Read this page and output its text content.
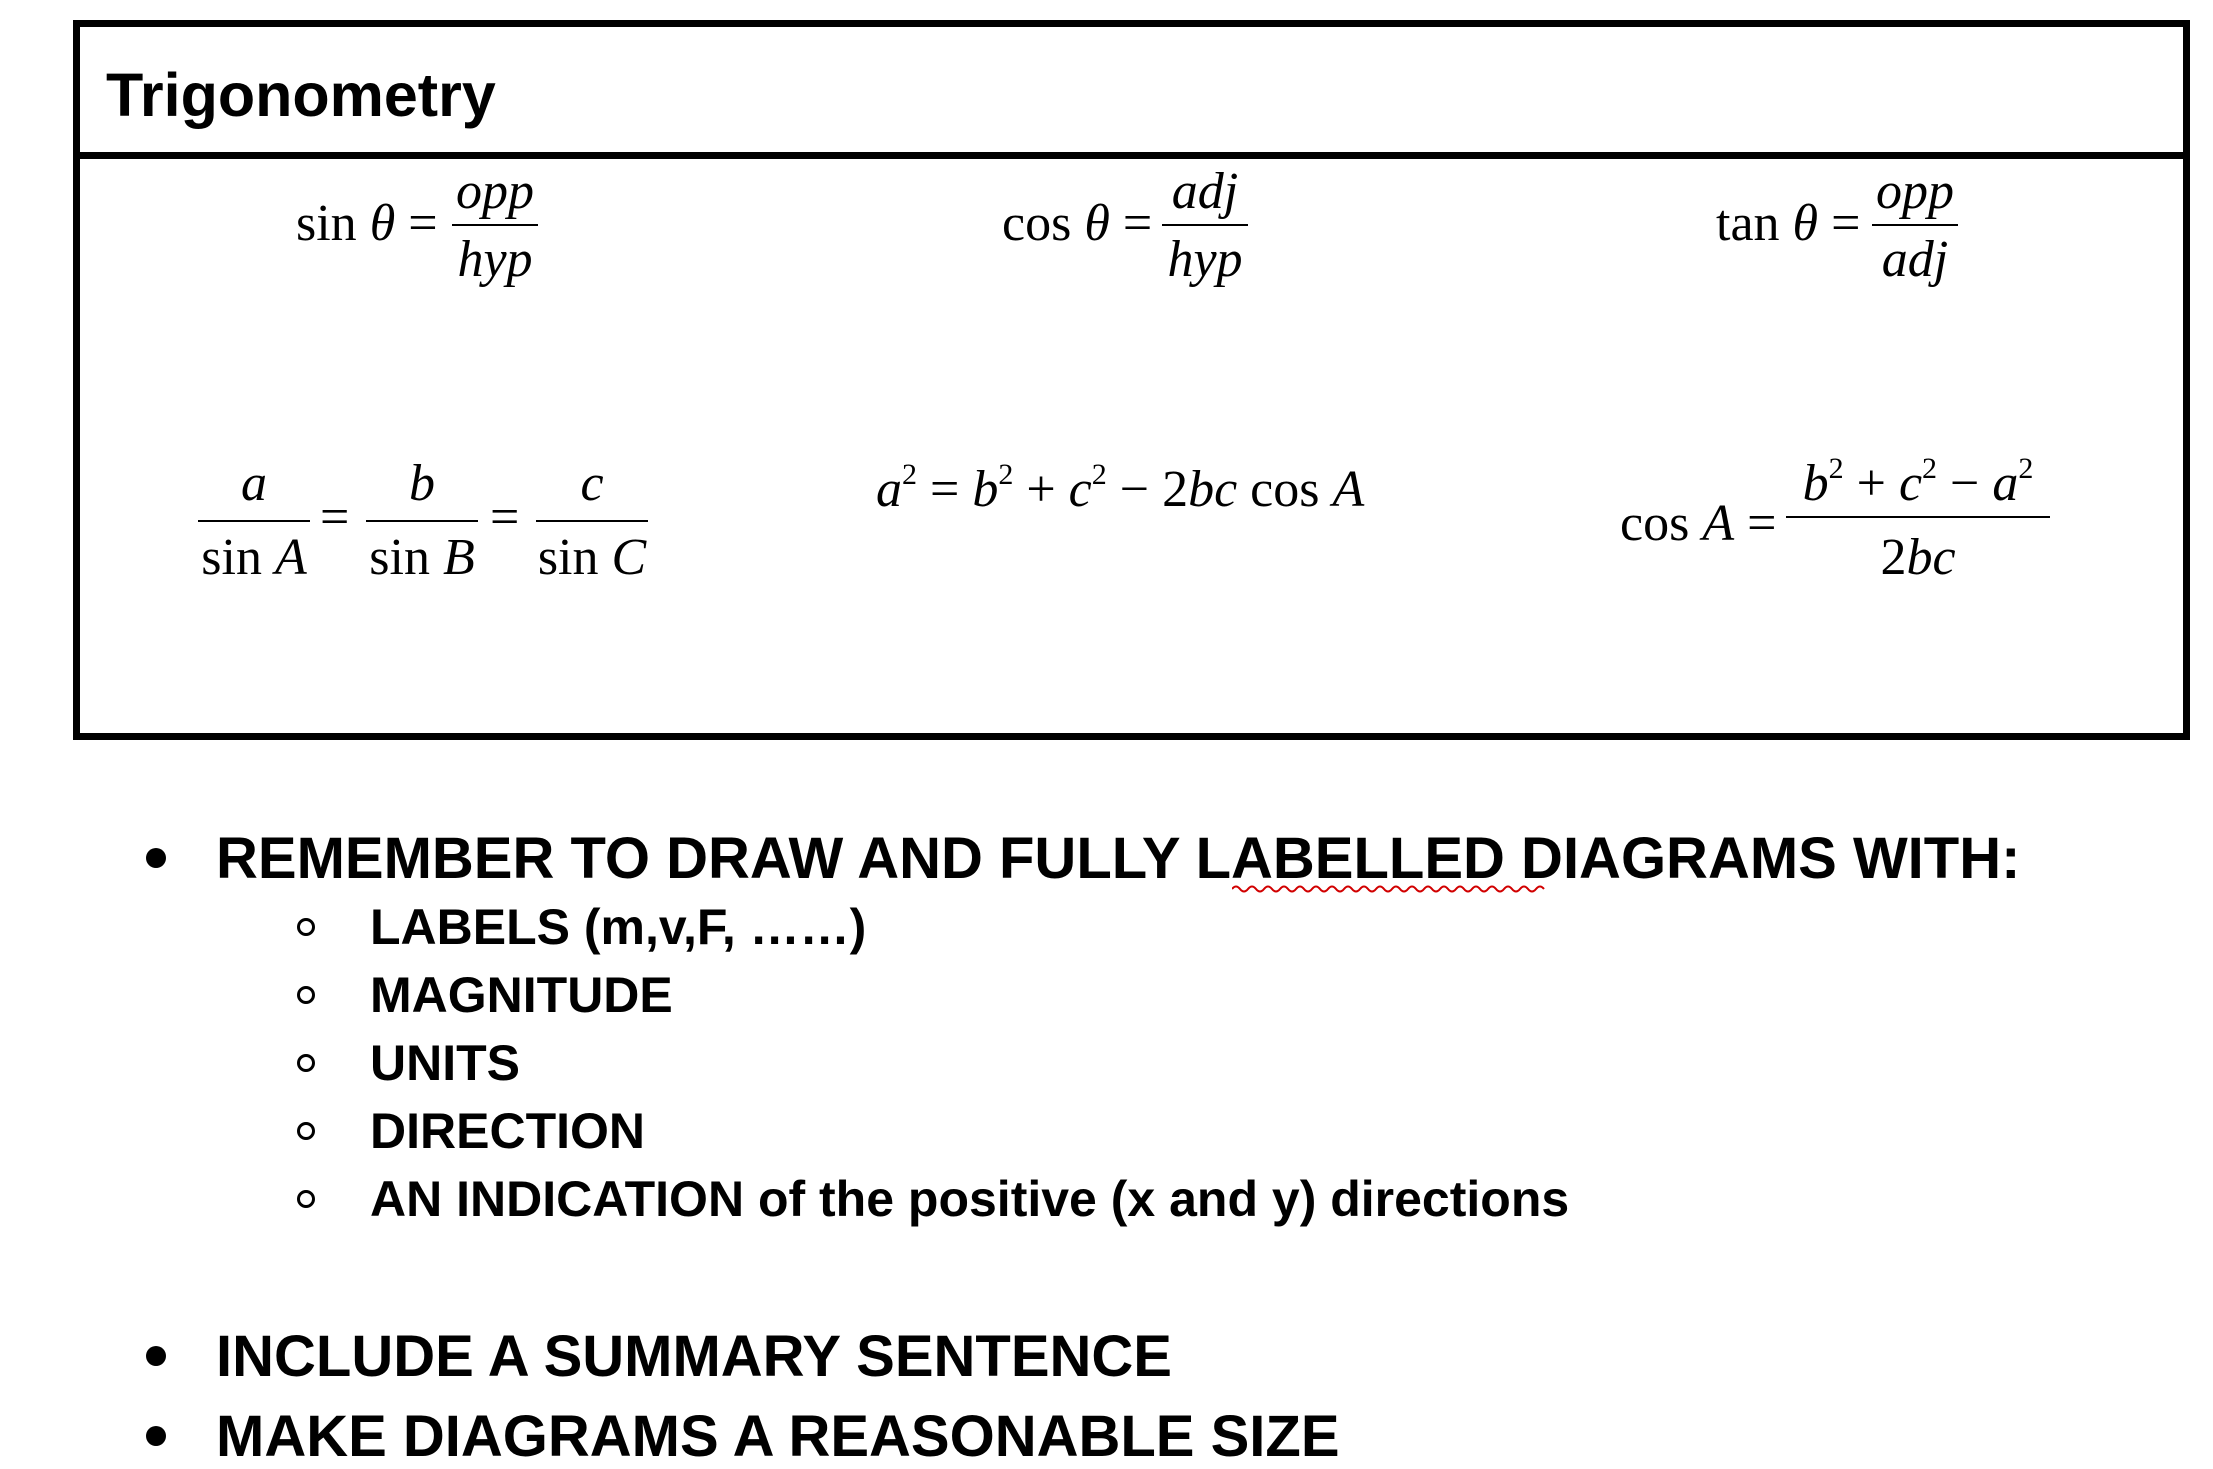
Trigonometry
sin θ =
opp
hyp
cos θ =
adj
hyp
tan θ =
opp
adj
a
sin A
=
b
sin B
=
c
sin C
$a^2 = b^2 + c^2 - 2bc$ cos A
cos A =
$b^2 + c^2 - a^2$
2bc
REMEMBER TO DRAW AND FULLY LABELLED DIAGRAMS WITH:
LABELS (m,v,F, ……)
MAGNITUDE
UNITS
DIRECTION
AN INDICATION of the positive (x and y) directions
INCLUDE A SUMMARY SENTENCE
MAKE DIAGRAMS A REASONABLE SIZE
